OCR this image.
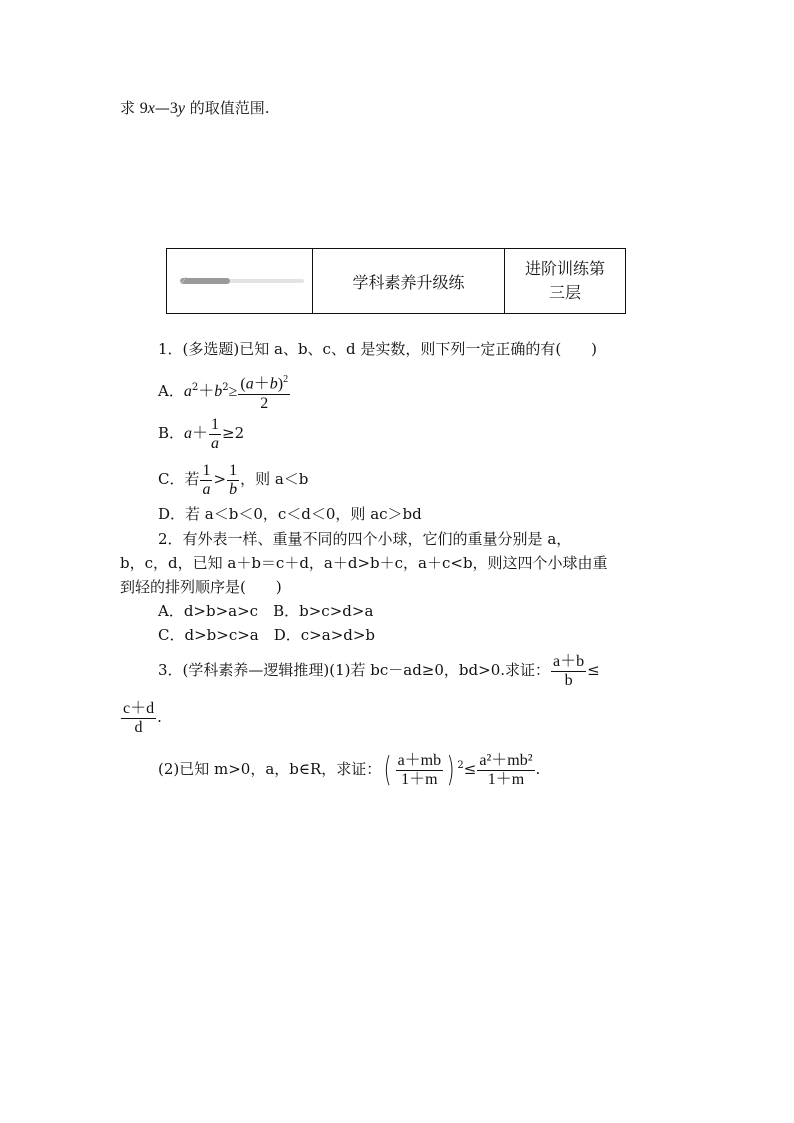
求 9x—3y 的取值范围.
学科素养升级练
进阶训练第
三层
1．(多选题)已知 a、b、c、d 是实数，则下列一定正确的有(　　)
A．$a^2+b^2\ge \frac{(a+b)^2}{2}$
B．$a+ \frac{1}{a} \ge 2$
C．若 $\frac{1}{a} > \frac{1}{b}$ ，则 a＜b
D．若 a＜b＜0，c＜d＜0，则 ac＞bd
2．有外表一样、重量不同的四个小球，它们的重量分别是 a，
b，c，d，已知 a＋b＝c＋d，a＋d>b＋c，a＋c<b，则这四个小球由重
到轻的排列顺序是(　　)
A．d>b>a>c　 B．b>c>d>a
C．d>b>c>a　 D．c>a>d>b
3．(学科素养—逻辑推理)(1)若 bc－ad≥0，bd>0.求证： $\frac{a+b}{b}$ ≤
$\frac{c+d}{d}$ .
(2)已知 m>0，a，b∈R，求证：( $\frac{a+mb}{1+m}$ ) $^2\le \frac{\text{a²＋mb²}}{1+m}$ .
